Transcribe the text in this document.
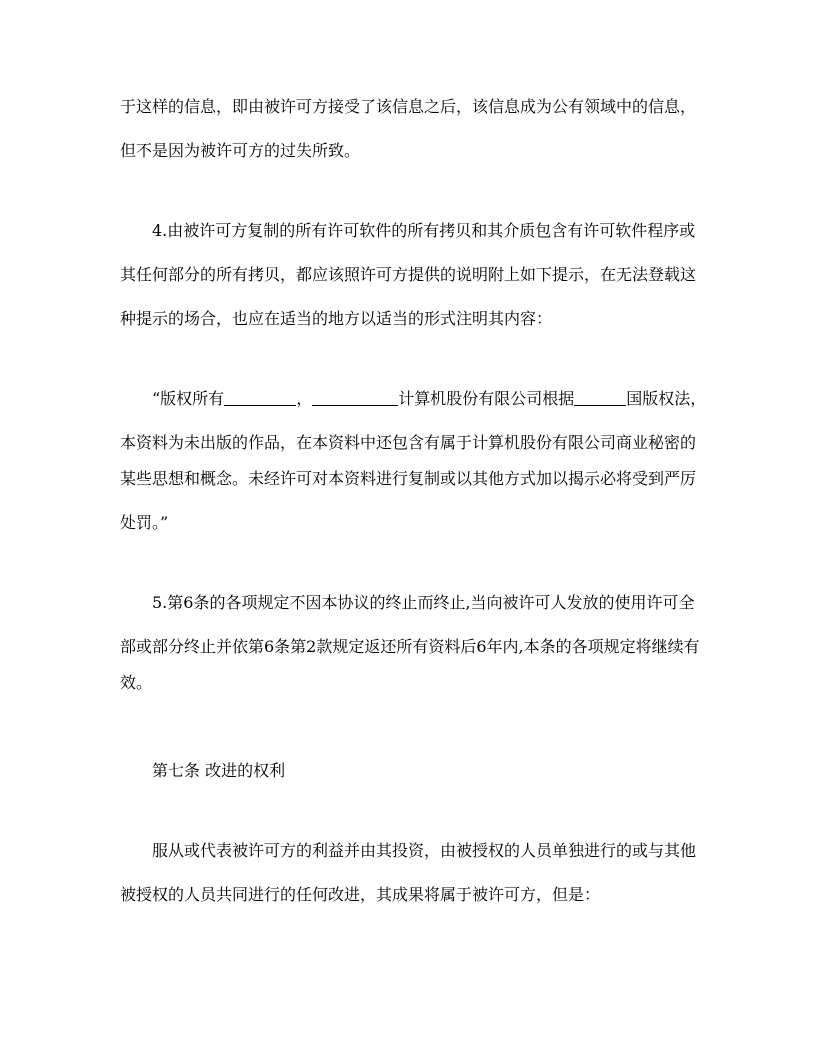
于这样的信息，即由被许可方接受了该信息之后，该信息成为公有领域中的信息，
但不是因为被许可方的过失所致。
4.由被许可方复制的所有许可软件的所有拷贝和其介质包含有许可软件程序或
其任何部分的所有拷贝，都应该照许可方提供的说明附上如下提示，在无法登载这
种提示的场合，也应在适当的地方以适当的形式注明其内容：
“版权所有	，	计算机股份有限公司根据	国版权法，
本资料为未出版的作品，在本资料中还包含有属于计算机股份有限公司商业秘密的
某些思想和概念。未经许可对本资料进行复制或以其他方式加以揭示必将受到严厉
处罚。”
5.第6条的各项规定不因本协议的终止而终止,当向被许可人发放的使用许可全
部或部分终止并依第6条第2款规定返还所有资料后6年内,本条的各项规定将继续有
效。
第七条 改进的权利
服从或代表被许可方的利益并由其投资，由被授权的人员单独进行的或与其他
被授权的人员共同进行的任何改进，其成果将属于被许可方，但是：
